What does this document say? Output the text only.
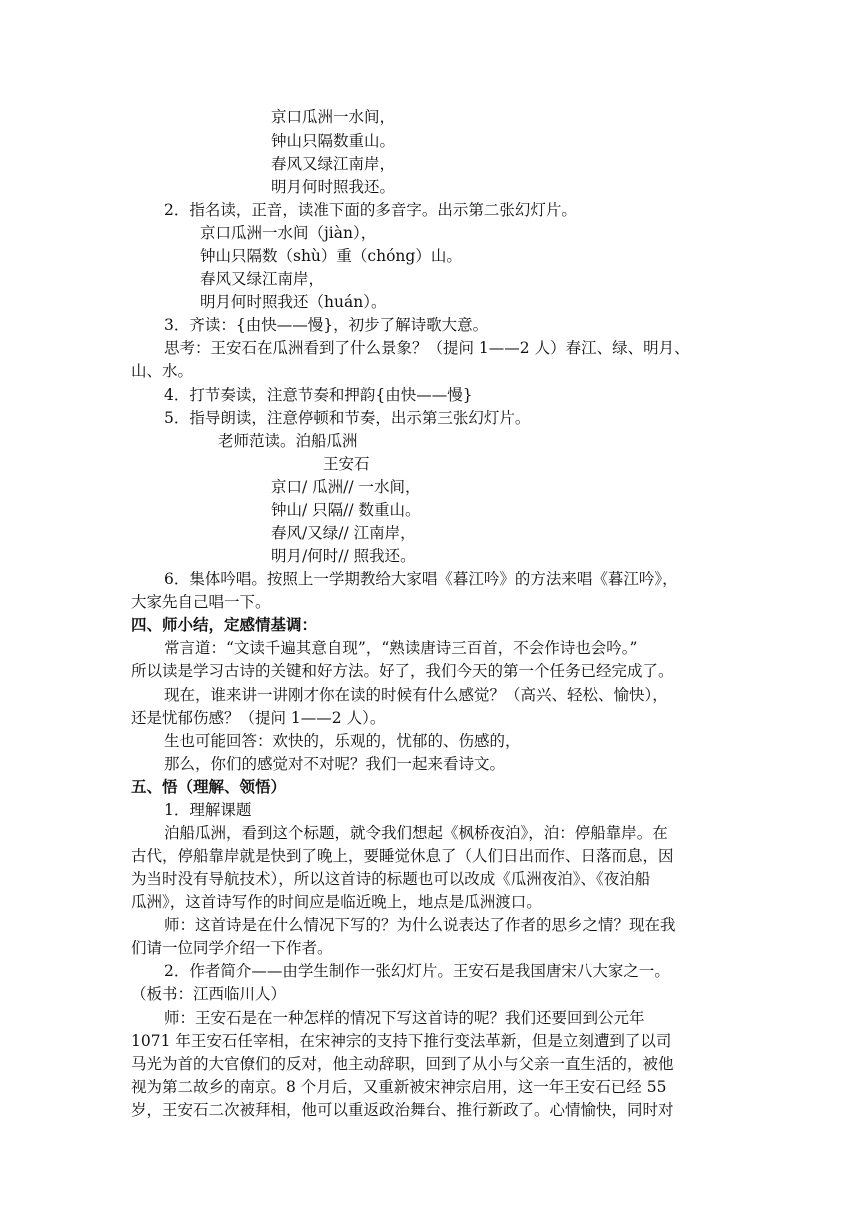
京口瓜洲一水间，
钟山只隔数重山。
春风又绿江南岸，
明月何时照我还。
2．指名读，正音，读准下面的多音字。出示第二张幻灯片。
京口瓜洲一水间（jiàn），
钟山只隔数（shù）重（chóng）山。
春风又绿江南岸，
明月何时照我还（huán）。
3．齐读：{由快——慢}，初步了解诗歌大意。
思考：王安石在瓜洲看到了什么景象？（提问 1——2 人）春江、绿、明月、
山、水。
4．打节奏读，注意节奏和押韵{由快——慢}
5．指导朗读，注意停顿和节奏，出示第三张幻灯片。
老师范读。泊船瓜洲
王安石
京口/ 瓜洲// 一水间，
钟山/ 只隔// 数重山。
春风/又绿// 江南岸，
明月/何时// 照我还。
6．集体吟唱。按照上一学期教给大家唱《暮江吟》的方法来唱《暮江吟》，
大家先自己唱一下。
四、师小结，定感情基调：
常言道：“文读千遍其意自现”，“熟读唐诗三百首，不会作诗也会吟。”
所以读是学习古诗的关键和好方法。好了，我们今天的第一个任务已经完成了。
现在，谁来讲一讲刚才你在读的时候有什么感觉？（高兴、轻松、愉快），
还是忧郁伤感？（提问 1——2 人）。
生也可能回答：欢快的，乐观的，忧郁的、伤感的，
那么，你们的感觉对不对呢？我们一起来看诗文。
五、悟（理解、领悟）
1．理解课题
泊船瓜洲，看到这个标题，就令我们想起《枫桥夜泊》，泊：停船靠岸。在
古代，停船靠岸就是快到了晚上，要睡觉休息了（人们日出而作、日落而息，因
为当时没有导航技术），所以这首诗的标题也可以改成《瓜洲夜泊》、《夜泊船
瓜洲》，这首诗写作的时间应是临近晚上，地点是瓜洲渡口。
师：这首诗是在什么情况下写的？为什么说表达了作者的思乡之情？现在我
们请一位同学介绍一下作者。
2．作者简介——由学生制作一张幻灯片。王安石是我国唐宋八大家之一。
（板书：江西临川人）
师：王安石是在一种怎样的情况下写这首诗的呢？我们还要回到公元年
1071 年王安石任宰相，在宋神宗的支持下推行变法革新，但是立刻遭到了以司
马光为首的大官僚们的反对，他主动辞职，回到了从小与父亲一直生活的，被他
视为第二故乡的南京。8 个月后，又重新被宋神宗启用，这一年王安石已经 55
岁，王安石二次被拜相，他可以重返政治舞台、推行新政了。心情愉快，同时对
